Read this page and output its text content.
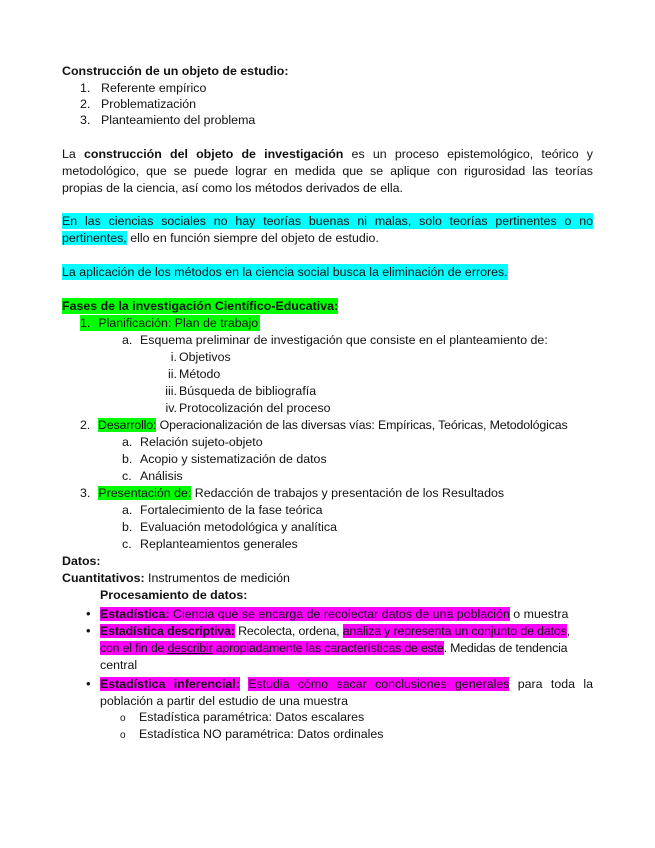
Construcción de un objeto de estudio:
1. Referente empírico
2. Problematización
3. Planteamiento del problema
La construcción del objeto de investigación es un proceso epistemológico, teórico y
metodológico, que se puede lograr en medida que se aplique con rigurosidad las teorías
propias de la ciencia, así como los métodos derivados de ella.
En las ciencias sociales no hay teorías buenas ni malas, solo teorías pertinentes o no
pertinentes, ello en función siempre del objeto de estudio.
La aplicación de los métodos en la ciencia social busca la eliminación de errores.
Fases de la investigación Científico-Educativa:
1. Planificación: Plan de trabajo
a. Esquema preliminar de investigación que consiste en el planteamiento de:
i. Objetivos
ii. Método
iii. Búsqueda de bibliografía
iv. Protocolización del proceso
2. Desarrollo: Operacionalización de las diversas vías: Empíricas, Teóricas, Metodológicas
a. Relación sujeto-objeto
b. Acopio y sistematización de datos
c. Análisis
3. Presentación de: Redacción de trabajos y presentación de los Resultados
a. Fortalecimiento de la fase teórica
b. Evaluación metodológica y analítica
c. Replanteamientos generales
Datos:
Cuantitativos: Instrumentos de medición
Procesamiento de datos:
• Estadística: Ciencia que se encarga de recolectar datos de una población o muestra
• Estadística descriptiva: Recolecta, ordena, analiza y representa un conjunto de datos,
con el fin de describir apropiadamente las características de este. Medidas de tendencia
central
• Estadística inferencial: Estudia cómo sacar conclusiones generales para toda la
población a partir del estudio de una muestra
o Estadística paramétrica: Datos escalares
o Estadística NO paramétrica: Datos ordinales
